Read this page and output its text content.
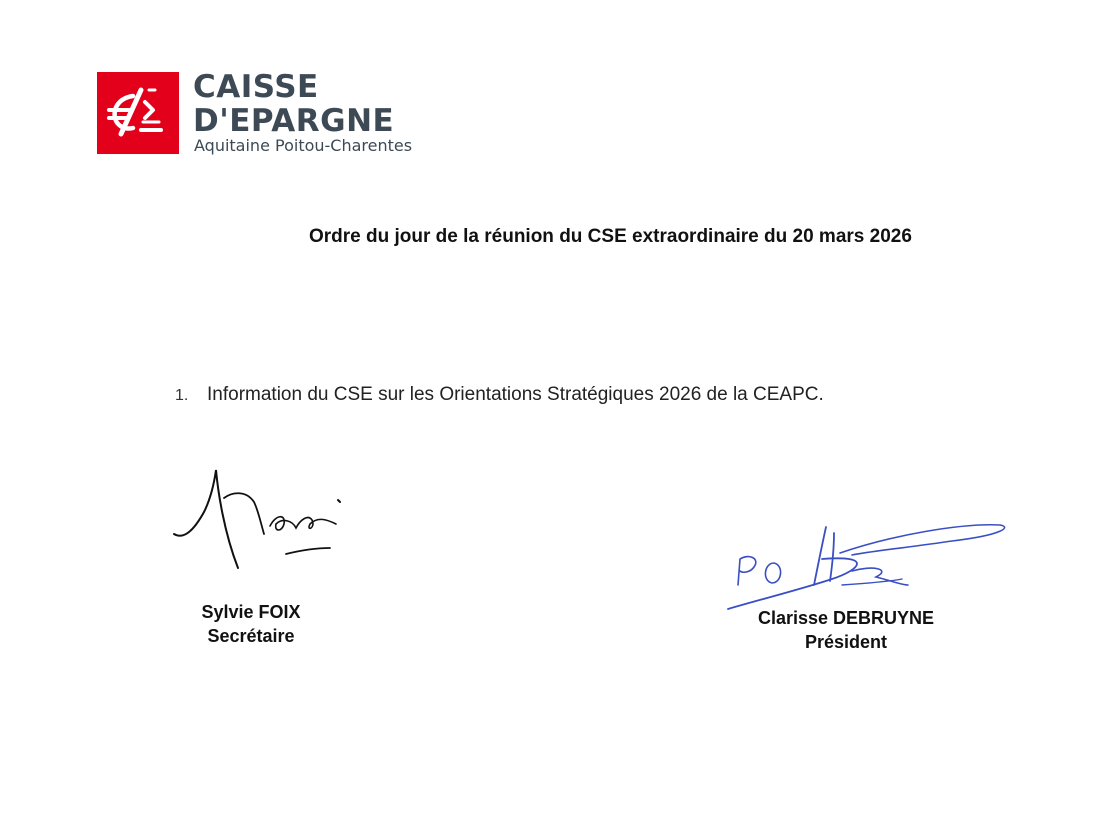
CAISSE
D'EPARGNE
Aquitaine Poitou-Charentes
Ordre du jour de la réunion du CSE extraordinaire du 20 mars 2026
1. Information du CSE sur les Orientations Stratégiques 2026 de la CEAPC.
Sylvie FOIX
Secrétaire
Clarisse DEBRUYNE
Président
